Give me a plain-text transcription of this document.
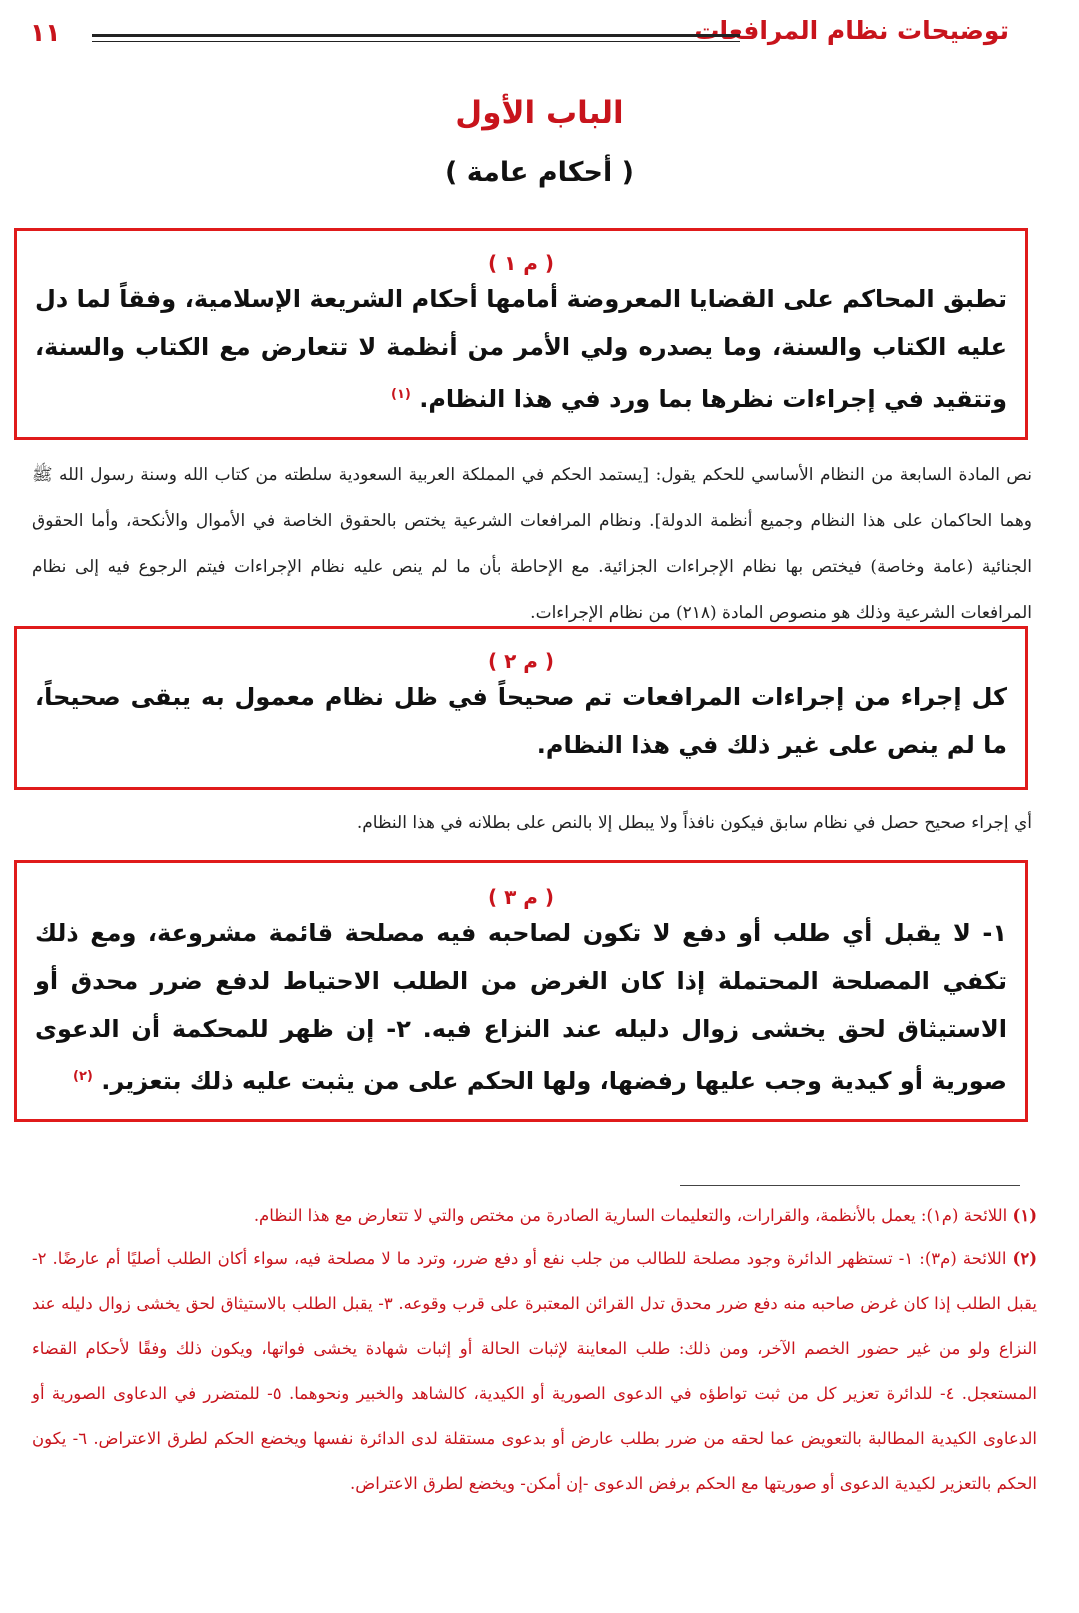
توضيحات نظام المرافعات
١١
الباب الأول
( أحكام عامة )
( م ١ )
تطبق المحاكم على القضايا المعروضة أمامها أحكام الشريعة الإسلامية، وفقاً لما دل عليه الكتاب والسنة، وما يصدره ولي الأمر من أنظمة لا تتعارض مع الكتاب والسنة، وتتقيد في إجراءات نظرها بما ورد في هذا النظام. $^{(١)}$
نص المادة السابعة من النظام الأساسي للحكم يقول: [يستمد الحكم في المملكة العربية السعودية سلطته من كتاب الله وسنة رسول الله ﷺ وهما الحاكمان على هذا النظام وجميع أنظمة الدولة]. ونظام المرافعات الشرعية يختص بالحقوق الخاصة في الأموال والأنكحة، وأما الحقوق الجنائية (عامة وخاصة) فيختص بها نظام الإجراءات الجزائية. مع الإحاطة بأن ما لم ينص عليه نظام الإجراءات فيتم الرجوع فيه إلى نظام المرافعات الشرعية وذلك هو منصوص المادة (٢١٨) من نظام الإجراءات.
( م ٢ )
كل إجراء من إجراءات المرافعات تم صحيحاً في ظل نظام معمول به يبقى صحيحاً، ما لم ينص على غير ذلك في هذا النظام.
أي إجراء صحيح حصل في نظام سابق فيكون نافذاً ولا يبطل إلا بالنص على بطلانه في هذا النظام.
( م ٣ )
١- لا يقبل أي طلب أو دفع لا تكون لصاحبه فيه مصلحة قائمة مشروعة، ومع ذلك تكفي المصلحة المحتملة إذا كان الغرض من الطلب الاحتياط لدفع ضرر محدق أو الاستيثاق لحق يخشى زوال دليله عند النزاع فيه. ٢- إن ظهر للمحكمة أن الدعوى صورية أو كيدية وجب عليها رفضها، ولها الحكم على من يثبت عليه ذلك بتعزير. $^{(٢)}$
(١) اللائحة (م١): يعمل بالأنظمة، والقرارات، والتعليمات السارية الصادرة من مختص والتي لا تتعارض مع هذا النظام.
(٢) اللائحة (م٣): ١- تستظهر الدائرة وجود مصلحة للطالب من جلب نفع أو دفع ضرر، وترد ما لا مصلحة فيه، سواء أكان الطلب أصليًا أم عارضًا. ٢- يقبل الطلب إذا كان غرض صاحبه منه دفع ضرر محدق تدل القرائن المعتبرة على قرب وقوعه. ٣- يقبل الطلب بالاستيثاق لحق يخشى زوال دليله عند النزاع ولو من غير حضور الخصم الآخر، ومن ذلك: طلب المعاينة لإثبات الحالة أو إثبات شهادة يخشى فواتها، ويكون ذلك وفقًا لأحكام القضاء المستعجل. ٤- للدائرة تعزير كل من ثبت تواطؤه في الدعوى الصورية أو الكيدية، كالشاهد والخبير ونحوهما. ٥- للمتضرر في الدعاوى الصورية أو الدعاوى الكيدية المطالبة بالتعويض عما لحقه من ضرر بطلب عارض أو بدعوى مستقلة لدى الدائرة نفسها ويخضع الحكم لطرق الاعتراض. ٦- يكون الحكم بالتعزير لكيدية الدعوى أو صوريتها مع الحكم برفض الدعوى -إن أمكن- ويخضع لطرق الاعتراض.
